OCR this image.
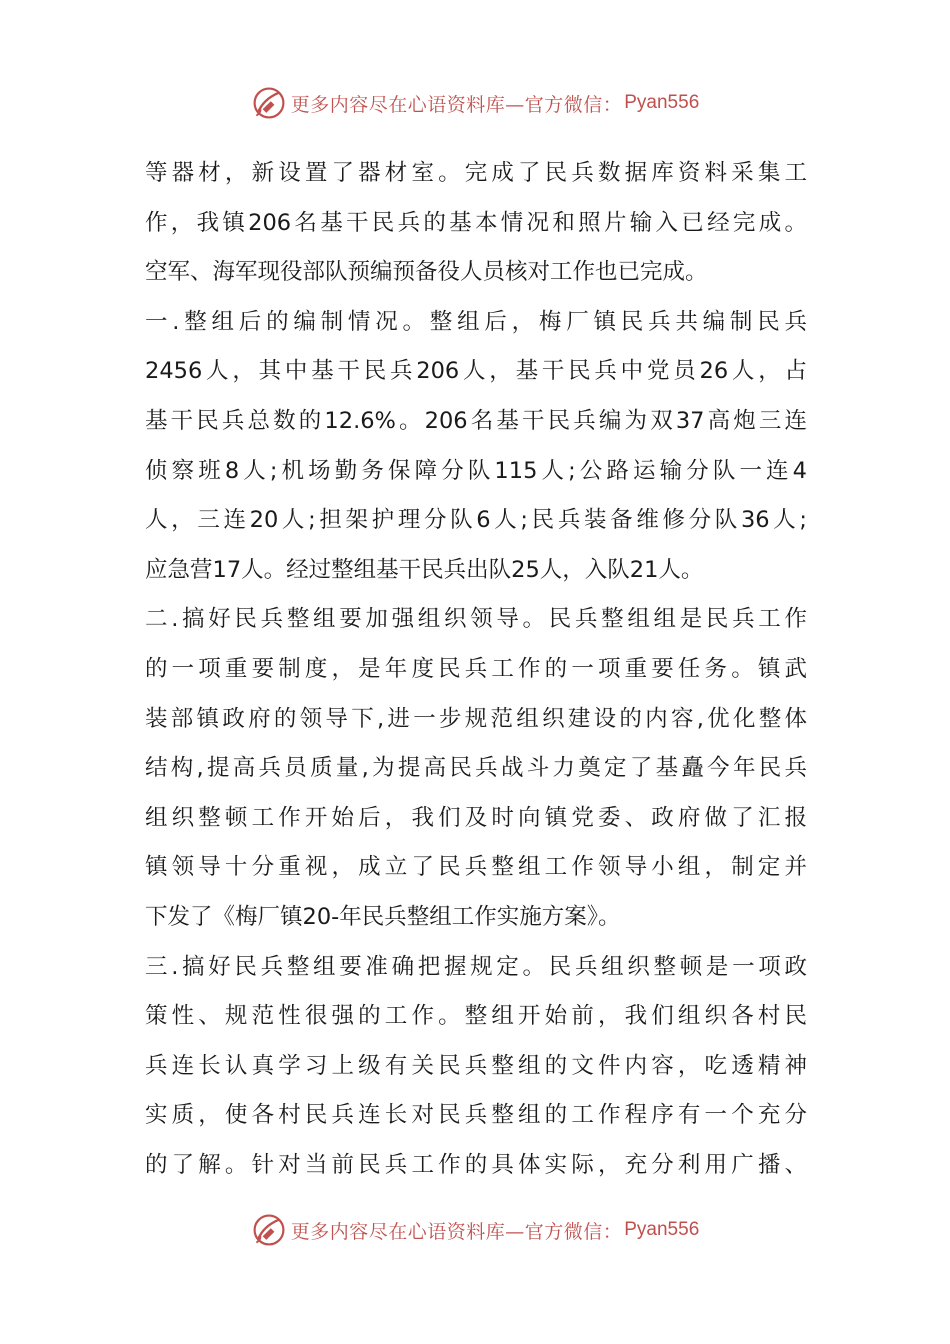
更多内容尽在心语资料库—官方微信： Pyan556
等器材，新设置了器材室。完成了民兵数据库资料采集工
作，我镇206名基干民兵的基本情况和照片输入已经完成。
空军、海军现役部队预编预备役人员核对工作也已完成。
一.整组后的编制情况。整组后，梅厂镇民兵共编制民兵
2456人，其中基干民兵206人，基干民兵中党员26人，占
基干民兵总数的12.6%。206名基干民兵编为双37高炮三连
侦察班8人;机场勤务保障分队115人;公路运输分队一连4
人，三连20人;担架护理分队6人;民兵装备维修分队36人;
应急营17人。经过整组基干民兵出队25人，入队21人。
二.搞好民兵整组要加强组织领导。民兵整组组是民兵工作
的一项重要制度，是年度民兵工作的一项重要任务。镇武
装部镇政府的领导下,进一步规范组织建设的内容,优化整体
结构,提高兵员质量,为提高民兵战斗力奠定了基矗今年民兵
组织整顿工作开始后，我们及时向镇党委、政府做了汇报
镇领导十分重视，成立了民兵整组工作领导小组，制定并
下发了《梅厂镇20-年民兵整组工作实施方案》。
三.搞好民兵整组要准确把握规定。民兵组织整顿是一项政
策性、规范性很强的工作。整组开始前，我们组织各村民
兵连长认真学习上级有关民兵整组的文件内容，吃透精神
实质，使各村民兵连长对民兵整组的工作程序有一个充分
的了解。针对当前民兵工作的具体实际，充分利用广播、
更多内容尽在心语资料库—官方微信： Pyan556
